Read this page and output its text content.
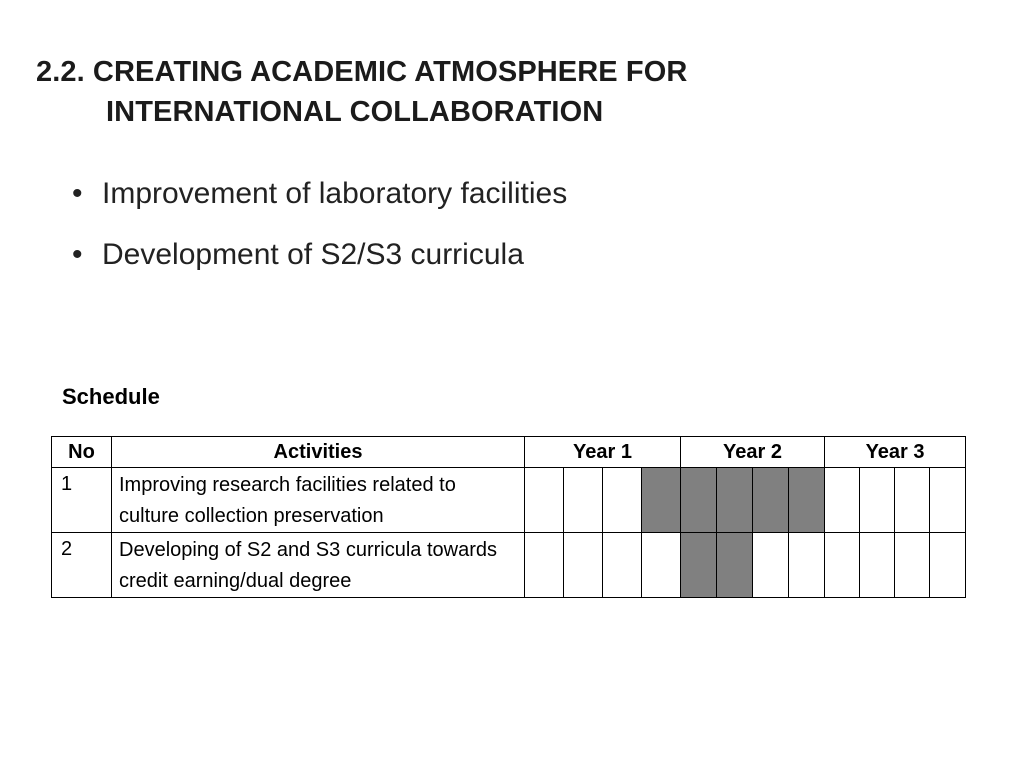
2.2. CREATING ACADEMIC ATMOSPHERE FOR
INTERNATIONAL COLLABORATION
• Improvement of laboratory facilities
• Development of S2/S3 curricula
Schedule
No	Activities	Year 1				Year 2				Year 3			
1	Improving research facilities related to culture collection preservation												
2	Developing of S2 and S3 curricula towards credit earning/dual degree												
